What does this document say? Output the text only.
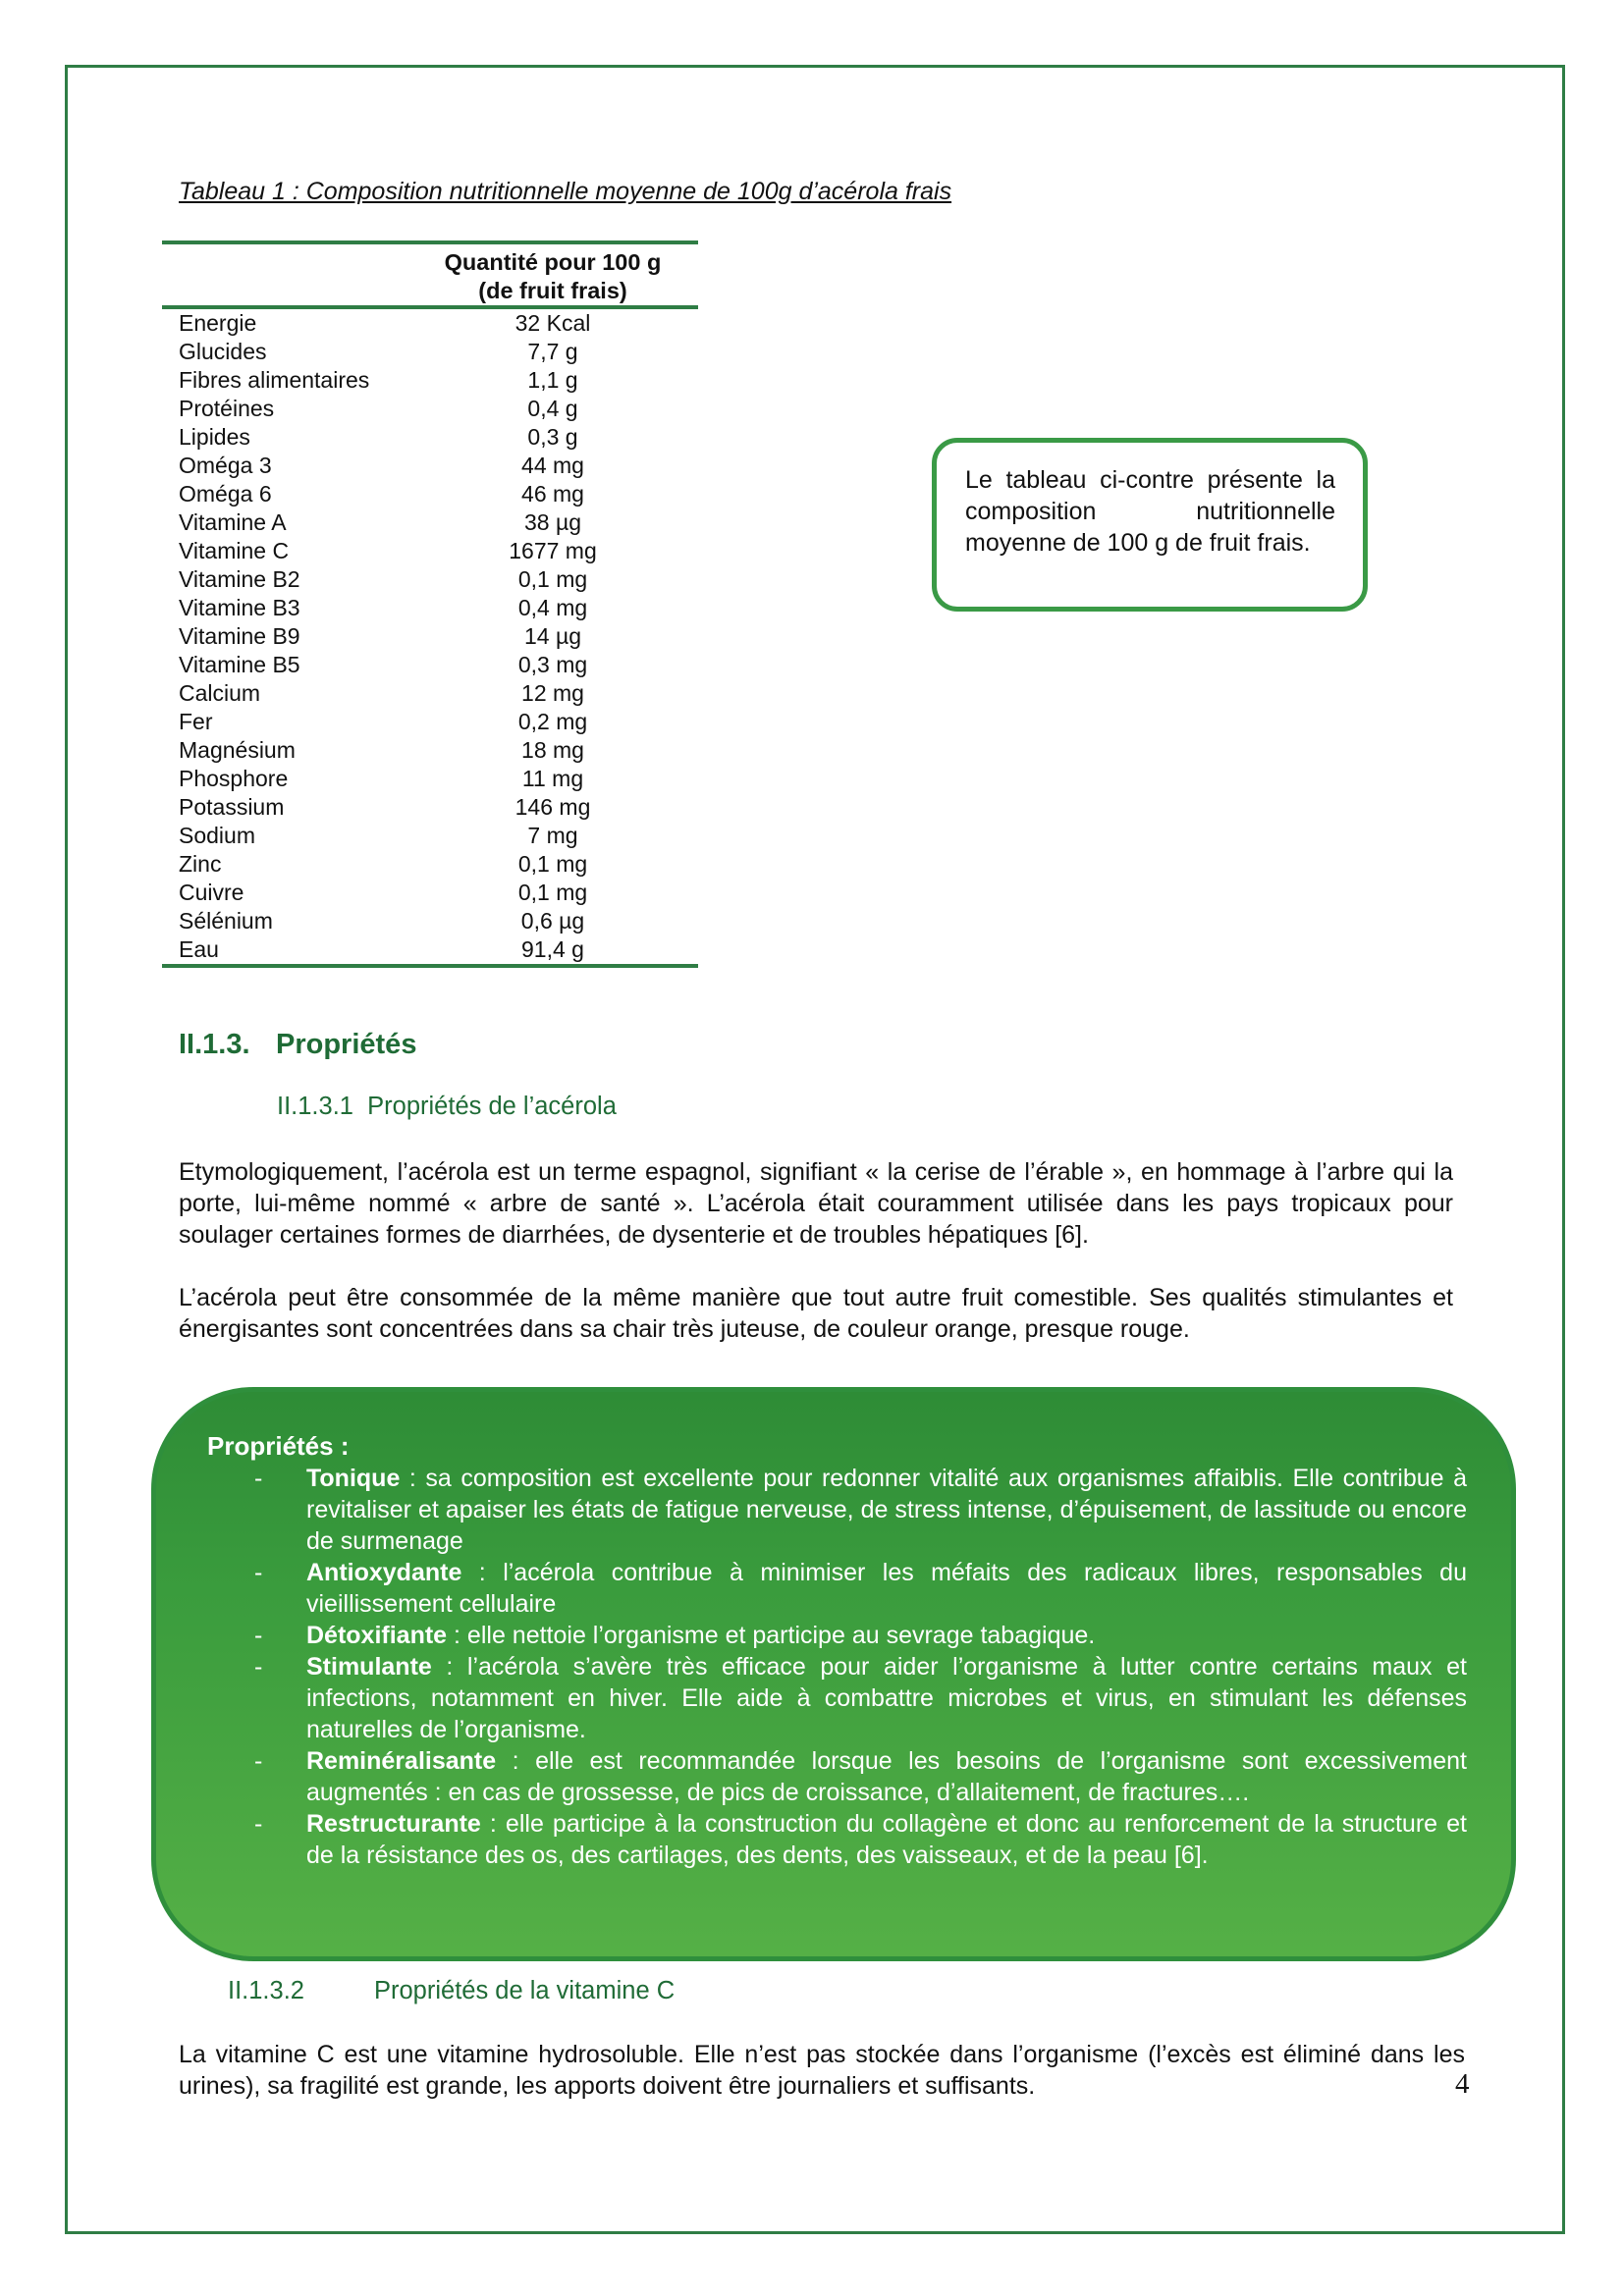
Tableau 1 : Composition nutritionnelle moyenne de 100g d’acérola frais
	Quantité pour 100 g
(de fruit frais)
Energie	32 Kcal
Glucides	7,7 g
Fibres alimentaires	1,1 g
Protéines	0,4 g
Lipides	0,3 g
Oméga 3	44 mg
Oméga 6	46 mg
Vitamine A	38 µg
Vitamine C	1677 mg
Vitamine B2	0,1 mg
Vitamine B3	0,4 mg
Vitamine B9	14 µg
Vitamine B5	0,3 mg
Calcium	12 mg
Fer	0,2 mg
Magnésium	18 mg
Phosphore	11 mg
Potassium	146 mg
Sodium	7 mg
Zinc	0,1 mg
Cuivre	0,1 mg
Sélénium	0,6 µg
Eau	91,4 g
Le tableau ci-contre présente la composition nutritionnelle moyenne de 100 g de fruit frais.
II.1.3. Propriétés
II.1.3.1 Propriétés de l’acérola

Etymologiquement, l’acérola est un terme espagnol, signifiant « la cerise de l’érable », en hommage à l’arbre qui la porte, lui-même nommé « arbre de santé ». L’acérola était couramment utilisée dans les pays tropicaux pour soulager certaines formes de diarrhées, de dysenterie et de troubles hépatiques [6].

L’acérola peut être consommée de la même manière que tout autre fruit comestible. Ses qualités stimulantes et énergisantes sont concentrées dans sa chair très juteuse, de couleur orange, presque rouge.

Propriétés :
- Tonique : sa composition est excellente pour redonner vitalité aux organismes affaiblis. Elle contribue à revitaliser et apaiser les états de fatigue nerveuse, de stress intense, d’épuisement, de lassitude ou encore de surmenage
- Antioxydante : l’acérola contribue à minimiser les méfaits des radicaux libres, responsables du vieillissement cellulaire
- Détoxifiante : elle nettoie l’organisme et participe au sevrage tabagique.
- Stimulante : l’acérola s’avère très efficace pour aider l’organisme à lutter contre certains maux et infections, notamment en hiver. Elle aide à combattre microbes et virus, en stimulant les défenses naturelles de l’organisme.
- Reminéralisante : elle est recommandée lorsque les besoins de l’organisme sont excessivement augmentés : en cas de grossesse, de pics de croissance, d’allaitement, de fractures….
- Restructurante : elle participe à la construction du collagène et donc au renforcement de la structure et de la résistance des os, des cartilages, des dents, des vaisseaux, et de la peau [6].
II.1.3.2	Propriétés de la vitamine C

La vitamine C est une vitamine hydrosoluble. Elle n’est pas stockée dans l’organisme (l’excès est éliminé dans les urines), sa fragilité est grande, les apports doivent être journaliers et suffisants.	4
